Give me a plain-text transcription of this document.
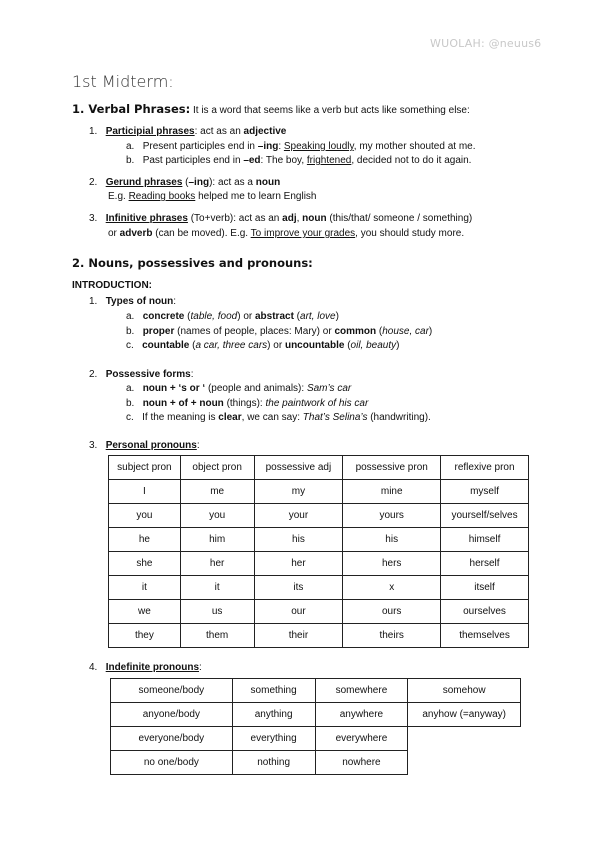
WUOLAH: @neuus6
1st Midterm:
1. Verbal Phrases: It is a word that seems like a verb but acts like something else:
1. Participial phrases: act as an adjective
a. Present participles end in –ing: Speaking loudly, my mother shouted at me.
b. Past participles end in –ed: The boy, frightened, decided not to do it again.
2. Gerund phrases (–ing): act as a noun
E.g. Reading books helped me to learn English
3. Infinitive phrases (To+verb): act as an adj, noun (this/that/ someone / something)
or adverb (can be moved). E.g. To improve your grades, you should study more.
2. Nouns, possessives and pronouns:
INTRODUCTION:
1. Types of noun:
a. concrete (table, food) or abstract (art, love)
b. proper (names of people, places: Mary) or common (house, car)
c. countable (a car, three cars) or uncountable (oil, beauty)
2. Possessive forms:
a. noun + ‘s or ‘ (people and animals): Sam’s car
b. noun + of + noun (things): the paintwork of his car
c. If the meaning is clear, we can say: That’s Selina’s (handwriting).
3. Personal pronouns:
subject pron	object pron	possessive adj	possessive pron	reflexive pron
I	me	my	mine	myself
you	you	your	yours	yourself/selves
he	him	his	his	himself
she	her	her	hers	herself
it	it	its	x	itself
we	us	our	ours	ourselves
they	them	their	theirs	themselves
4. Indefinite pronouns:
someone/body	something	somewhere	somehow
anyone/body	anything	anywhere	anyhow (=anyway)
everyone/body	everything	everywhere	
no one/body	nothing	nowhere	
